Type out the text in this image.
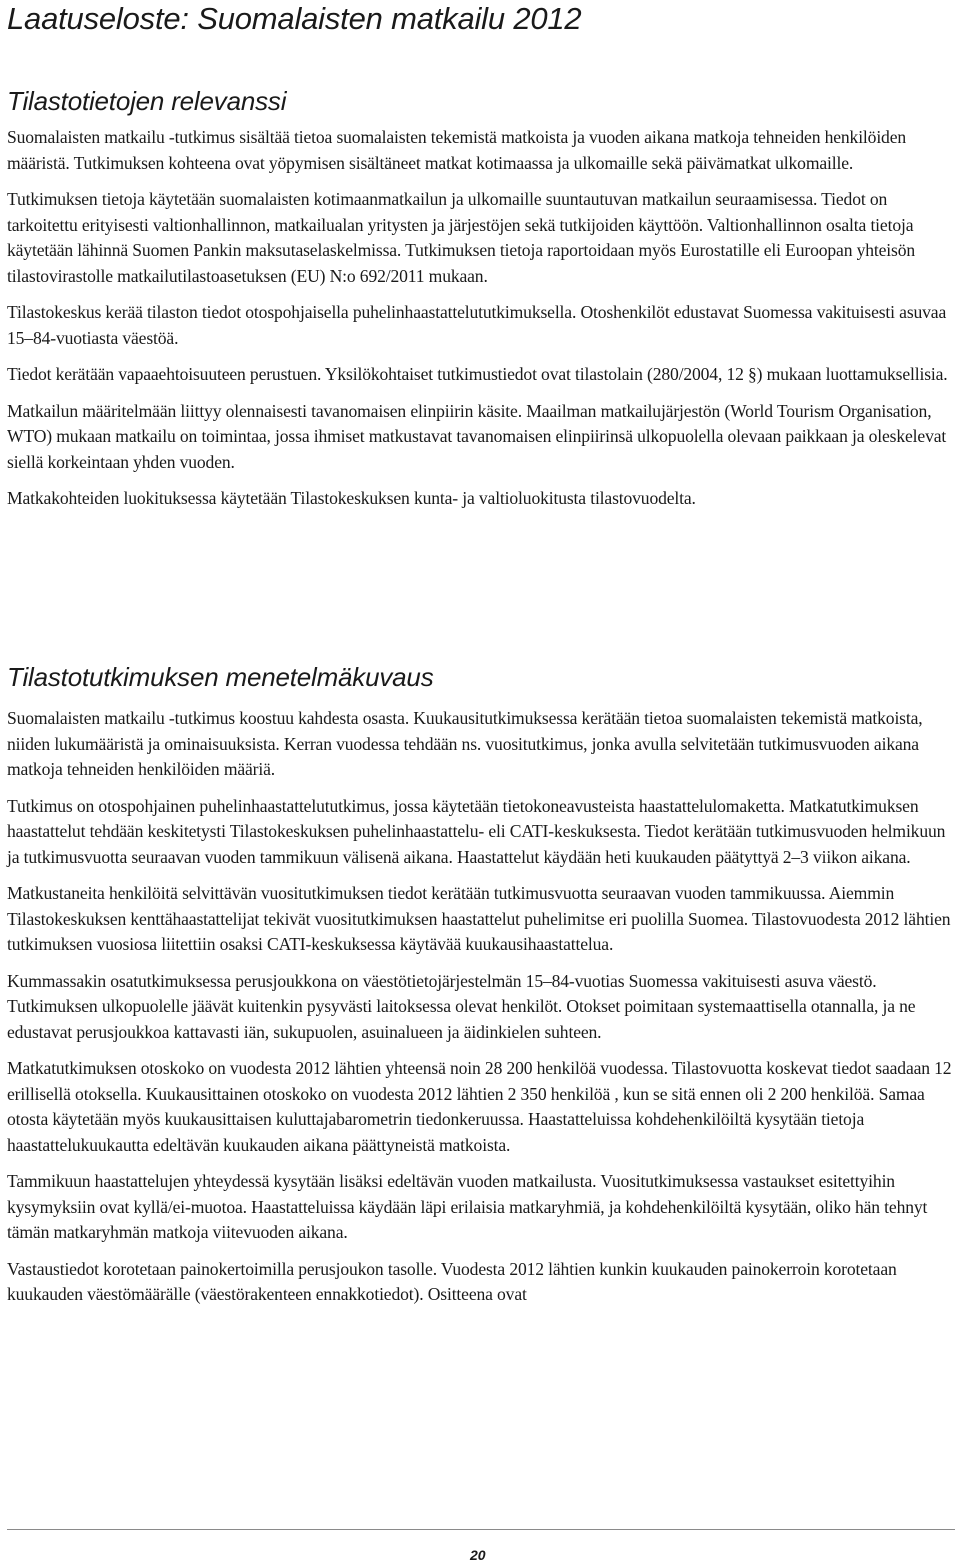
Laatuseloste: Suomalaisten matkailu 2012
Tilastotietojen relevanssi

Suomalaisten matkailu -tutkimus sisältää tietoa suomalaisten tekemistä matkoista ja vuoden aikana matkoja tehneiden henkilöiden määristä. Tutkimuksen kohteena ovat yöpymisen sisältäneet matkat kotimaassa ja ulkomaille sekä päivämatkat ulkomaille.

Tutkimuksen tietoja käytetään suomalaisten kotimaanmatkailun ja ulkomaille suuntautuvan matkailun seuraamisessa. Tiedot on tarkoitettu erityisesti valtionhallinnon, matkailualan yritysten ja järjestöjen sekä tutkijoiden käyttöön. Valtionhallinnon osalta tietoja käytetään lähinnä Suomen Pankin maksutaselaskelmissa. Tutkimuksen tietoja raportoidaan myös Eurostatille eli Euroopan yhteisön tilastovirastolle matkailutilastoasetuksen (EU) N:o 692/2011 mukaan.

Tilastokeskus kerää tilaston tiedot otospohjaisella puhelinhaastattelututkimuksella. Otoshenkilöt edustavat Suomessa vakituisesti asuvaa 15–84-vuotiasta väestöä.

Tiedot kerätään vapaaehtoisuuteen perustuen. Yksilökohtaiset tutkimustiedot ovat tilastolain (280/2004, 12 §) mukaan luottamuksellisia.

Matkailun määritelmään liittyy olennaisesti tavanomaisen elinpiirin käsite. Maailman matkailujärjestön (World Tourism Organisation, WTO) mukaan matkailu on toimintaa, jossa ihmiset matkustavat tavanomaisen elinpiirinsä ulkopuolella olevaan paikkaan ja oleskelevat siellä korkeintaan yhden vuoden.

Matkakohteiden luokituksessa käytetään Tilastokeskuksen kunta- ja valtioluokitusta tilastovuodelta.

Tilastotutkimuksen menetelmäkuvaus

Suomalaisten matkailu -tutkimus koostuu kahdesta osasta. Kuukausitutkimuksessa kerätään tietoa suomalaisten tekemistä matkoista, niiden lukumääristä ja ominaisuuksista. Kerran vuodessa tehdään ns. vuositutkimus, jonka avulla selvitetään tutkimusvuoden aikana matkoja tehneiden henkilöiden määriä.

Tutkimus on otospohjainen puhelinhaastattelututkimus, jossa käytetään tietokoneavusteista haastattelulomaketta. Matkatutkimuksen haastattelut tehdään keskitetysti Tilastokeskuksen puhelinhaastattelu- eli CATI-keskuksesta. Tiedot kerätään tutkimusvuoden helmikuun ja tutkimusvuotta seuraavan vuoden tammikuun välisenä aikana. Haastattelut käydään heti kuukauden päätyttyä 2–3 viikon aikana.

Matkustaneita henkilöitä selvittävän vuositutkimuksen tiedot kerätään tutkimusvuotta seuraavan vuoden tammikuussa. Aiemmin Tilastokeskuksen kenttähaastattelijat tekivät vuositutkimuksen haastattelut puhelimitse eri puolilla Suomea. Tilastovuodesta 2012 lähtien tutkimuksen vuosiosa liitettiin osaksi CATI-keskuksessa käytävää kuukausihaastattelua.

Kummassakin osatutkimuksessa perusjoukkona on väestötietojärjestelmän 15–84-vuotias Suomessa vakituisesti asuva väestö. Tutkimuksen ulkopuolelle jäävät kuitenkin pysyvästi laitoksessa olevat henkilöt. Otokset poimitaan systemaattisella otannalla, ja ne edustavat perusjoukkoa kattavasti iän, sukupuolen, asuinalueen ja äidinkielen suhteen.

Matkatutkimuksen otoskoko on vuodesta 2012 lähtien yhteensä noin 28 200 henkilöä vuodessa. Tilastovuotta koskevat tiedot saadaan 12 erillisellä otoksella. Kuukausittainen otoskoko on vuodesta 2012 lähtien 2 350 henkilöä , kun se sitä ennen oli 2 200 henkilöä. Samaa otosta käytetään myös kuukausittaisen kuluttajabarometrin tiedonkeruussa. Haastatteluissa kohdehenkilöiltä kysytään tietoja haastattelukuukautta edeltävän kuukauden aikana päättyneistä matkoista.

Tammikuun haastattelujen yhteydessä kysytään lisäksi edeltävän vuoden matkailusta. Vuositutkimuksessa vastaukset esitettyihin kysymyksiin ovat kyllä/ei-muotoa. Haastatteluissa käydään läpi erilaisia matkaryhmiä, ja kohdehenkilöiltä kysytään, oliko hän tehnyt tämän matkaryhmän matkoja viitevuoden aikana.

Vastaustiedot korotetaan painokertoimilla perusjoukon tasolle. Vuodesta 2012 lähtien kunkin kuukauden painokerroin korotetaan kuukauden väestömäärälle (väestörakenteen ennakkotiedot). Ositteena ovat

20
